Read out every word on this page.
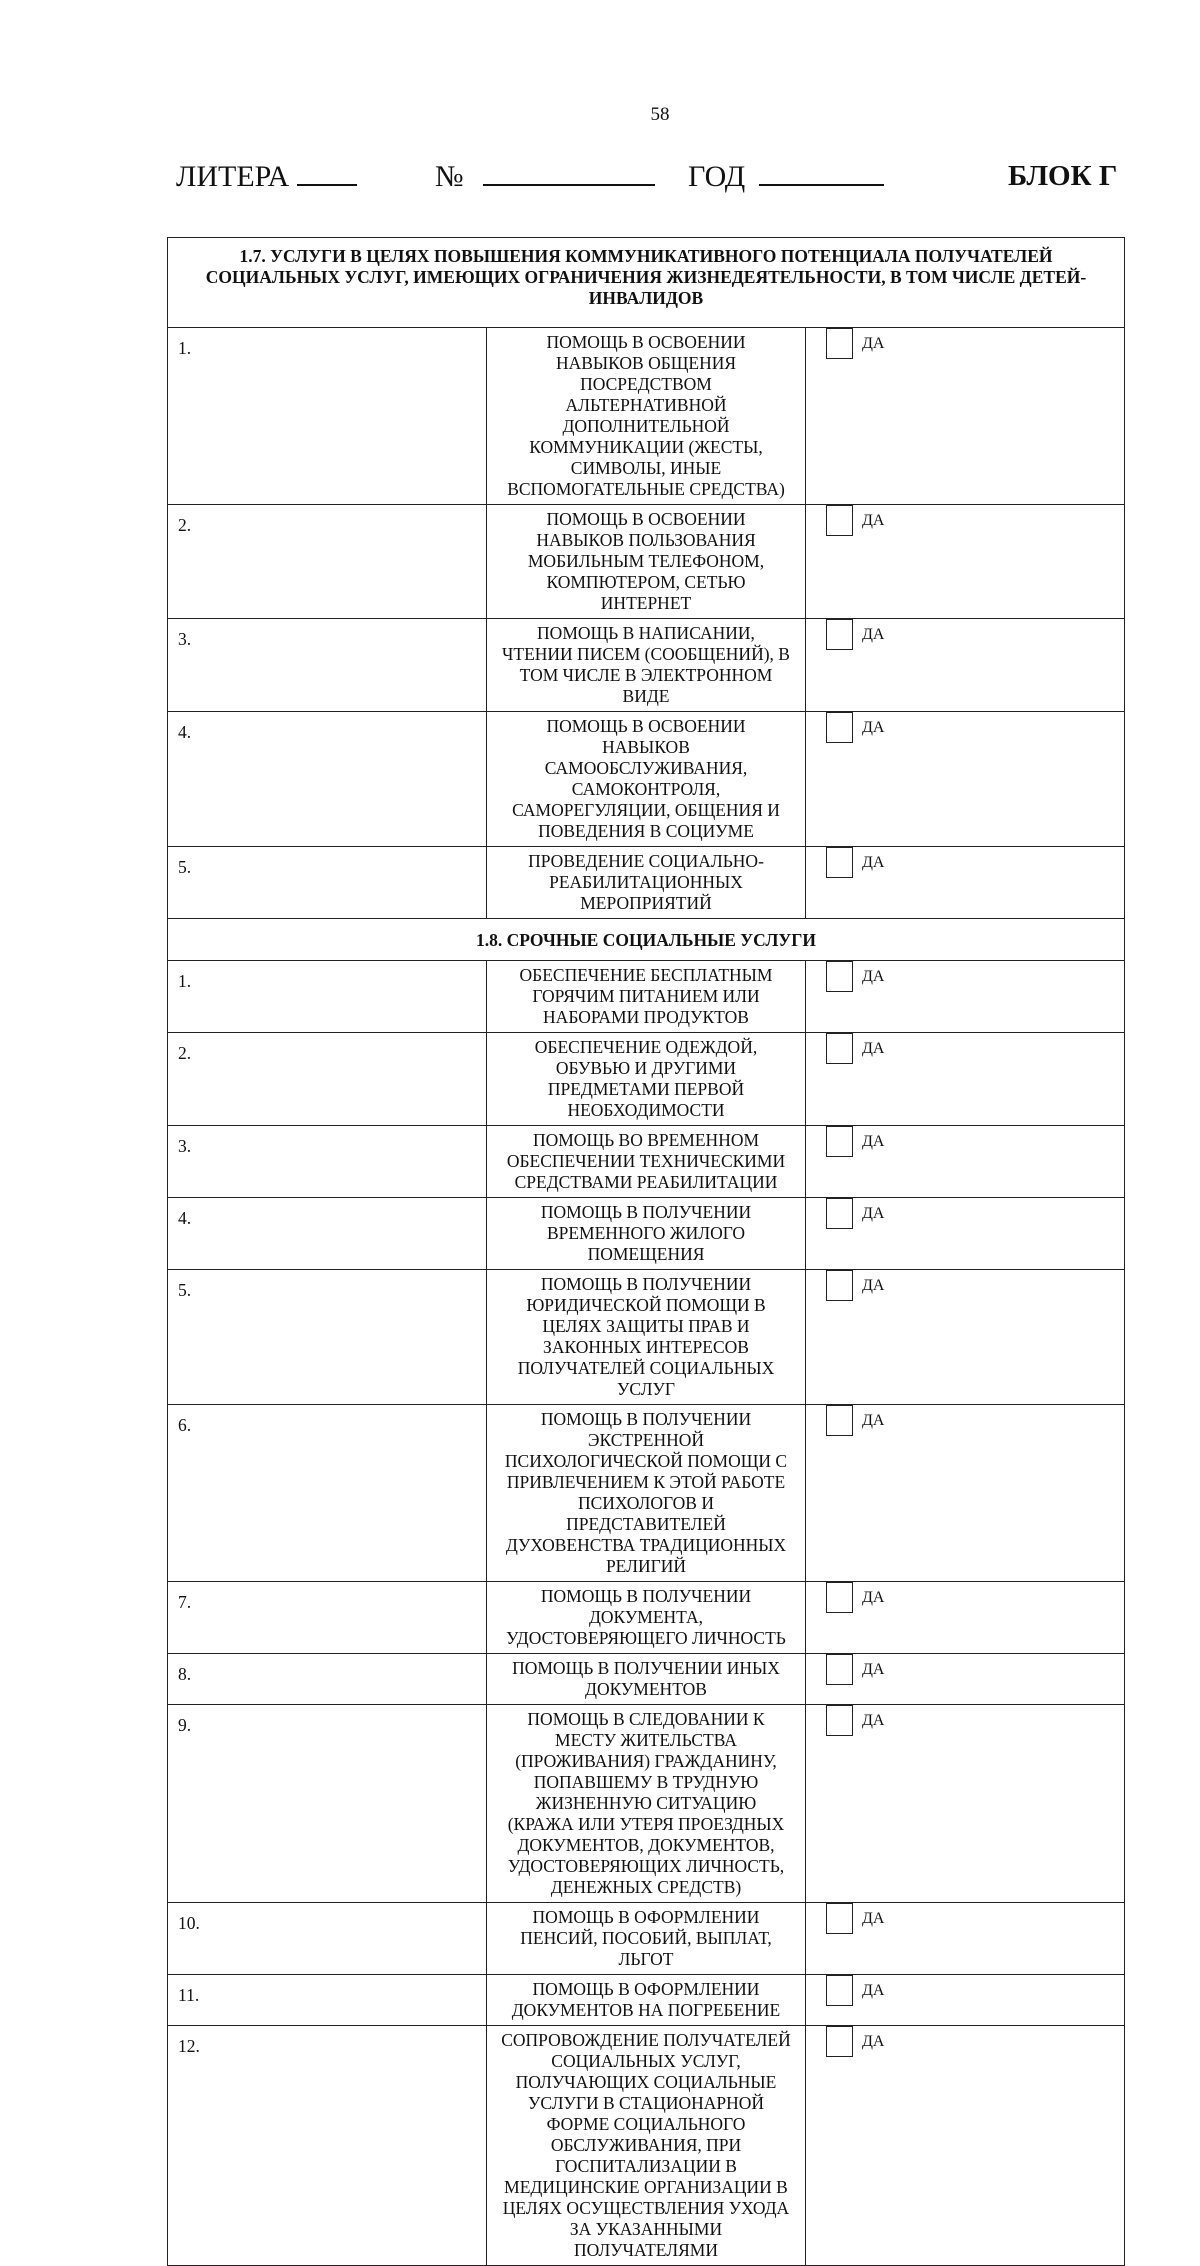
58
ЛИТЕРА	№	ГОД	БЛОК Г
1.7. УСЛУГИ В ЦЕЛЯХ ПОВЫШЕНИЯ КОММУНИКАТИВНОГО ПОТЕНЦИАЛА ПОЛУЧАТЕЛЕЙ СОЦИАЛЬНЫХ УСЛУГ, ИМЕЮЩИХ ОГРАНИЧЕНИЯ ЖИЗНЕДЕЯТЕЛЬНОСТИ, В ТОМ ЧИСЛЕ ДЕТЕЙ-ИНВАЛИДОВ		
1.	ПОМОЩЬ В ОСВОЕНИИ НАВЫКОВ ОБЩЕНИЯ ПОСРЕДСТВОМ АЛЬТЕРНАТИВНОЙ ДОПОЛНИТЕЛЬНОЙ КОММУНИКАЦИИ (ЖЕСТЫ, СИМВОЛЫ, ИНЫЕ ВСПОМОГАТЕЛЬНЫЕ СРЕДСТВА)	ДА

2.	ПОМОЩЬ В ОСВОЕНИИ НАВЫКОВ ПОЛЬЗОВАНИЯ МОБИЛЬНЫМ ТЕЛЕФОНОМ, КОМПЮТЕРОМ, СЕТЬЮ ИНТЕРНЕТ	ДА

3.	ПОМОЩЬ В НАПИСАНИИ, ЧТЕНИИ ПИСЕМ (СООБЩЕНИЙ), В ТОМ ЧИСЛЕ В ЭЛЕКТРОННОМ ВИДЕ	ДА

4.	ПОМОЩЬ В ОСВОЕНИИ НАВЫКОВ САМООБСЛУЖИВАНИЯ, САМОКОНТРОЛЯ, САМОРЕГУЛЯЦИИ, ОБЩЕНИЯ И ПОВЕДЕНИЯ В СОЦИУМЕ	ДА

5.	ПРОВЕДЕНИЕ СОЦИАЛЬНО-РЕАБИЛИТАЦИОННЫХ МЕРОПРИЯТИЙ	ДА

1.8. СРОЧНЫЕ СОЦИАЛЬНЫЕ УСЛУГИ		
1.	ОБЕСПЕЧЕНИЕ БЕСПЛАТНЫМ ГОРЯЧИМ ПИТАНИЕМ ИЛИ НАБОРАМИ ПРОДУКТОВ	ДА

2.	ОБЕСПЕЧЕНИЕ ОДЕЖДОЙ, ОБУВЬЮ И ДРУГИМИ ПРЕДМЕТАМИ ПЕРВОЙ НЕОБХОДИМОСТИ	ДА

3.	ПОМОЩЬ ВО ВРЕМЕННОМ ОБЕСПЕЧЕНИИ ТЕХНИЧЕСКИМИ СРЕДСТВАМИ РЕАБИЛИТАЦИИ	ДА

4.	ПОМОЩЬ В ПОЛУЧЕНИИ ВРЕМЕННОГО ЖИЛОГО ПОМЕЩЕНИЯ	ДА

5.	ПОМОЩЬ В ПОЛУЧЕНИИ ЮРИДИЧЕСКОЙ ПОМОЩИ В ЦЕЛЯХ ЗАЩИТЫ ПРАВ И ЗАКОННЫХ ИНТЕРЕСОВ ПОЛУЧАТЕЛЕЙ СОЦИАЛЬНЫХ УСЛУГ	ДА

6.	ПОМОЩЬ В ПОЛУЧЕНИИ ЭКСТРЕННОЙ ПСИХОЛОГИЧЕСКОЙ ПОМОЩИ С ПРИВЛЕЧЕНИЕМ К ЭТОЙ РАБОТЕ ПСИХОЛОГОВ И ПРЕДСТАВИТЕЛЕЙ ДУХОВЕНСТВА ТРАДИЦИОННЫХ РЕЛИГИЙ	ДА

7.	ПОМОЩЬ В ПОЛУЧЕНИИ ДОКУМЕНТА, УДОСТОВЕРЯЮЩЕГО ЛИЧНОСТЬ	ДА

8.	ПОМОЩЬ В ПОЛУЧЕНИИ ИНЫХ ДОКУМЕНТОВ	ДА

9.	ПОМОЩЬ В СЛЕДОВАНИИ К МЕСТУ ЖИТЕЛЬСТВА (ПРОЖИВАНИЯ) ГРАЖДАНИНУ, ПОПАВШЕМУ В ТРУДНУЮ ЖИЗНЕННУЮ СИТУАЦИЮ (КРАЖА ИЛИ УТЕРЯ ПРОЕЗДНЫХ ДОКУМЕНТОВ, ДОКУМЕНТОВ, УДОСТОВЕРЯЮЩИХ ЛИЧНОСТЬ, ДЕНЕЖНЫХ СРЕДСТВ)	ДА

10.	ПОМОЩЬ В ОФОРМЛЕНИИ ПЕНСИЙ, ПОСОБИЙ, ВЫПЛАТ, ЛЬГОТ	ДА

11.	ПОМОЩЬ В ОФОРМЛЕНИИ ДОКУМЕНТОВ НА ПОГРЕБЕНИЕ	ДА

12.	СОПРОВОЖДЕНИЕ ПОЛУЧАТЕЛЕЙ СОЦИАЛЬНЫХ УСЛУГ, ПОЛУЧАЮЩИХ СОЦИАЛЬНЫЕ УСЛУГИ В СТАЦИОНАРНОЙ ФОРМЕ СОЦИАЛЬНОГО ОБСЛУЖИВАНИЯ, ПРИ ГОСПИТАЛИЗАЦИИ В МЕДИЦИНСКИЕ ОРГАНИЗАЦИИ В ЦЕЛЯХ ОСУЩЕСТВЛЕНИЯ УХОДА ЗА УКАЗАННЫМИ ПОЛУЧАТЕЛЯМИ	ДА
